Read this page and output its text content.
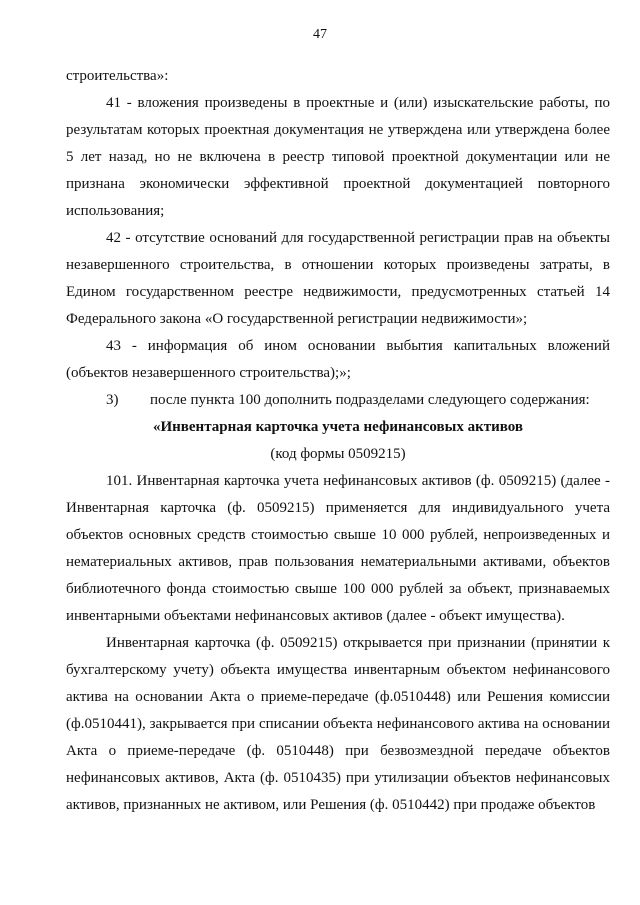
47

строительства»:

41 - вложения произведены в проектные и (или) изыскательские работы, по результатам которых проектная документация не утверждена или утверждена более 5 лет назад, но не включена в реестр типовой проектной документации или не признана экономически эффективной проектной документацией повторного использования;

42 - отсутствие оснований для государственной регистрации прав на объекты незавершенного строительства, в отношении которых произведены затраты, в Едином государственном реестре недвижимости, предусмотренных статьей 14 Федерального закона «О государственной регистрации недвижимости»;

43 - информация об ином основании выбытия капитальных вложений (объектов незавершенного строительства);»;

3)	после пункта 100 дополнить подразделами следующего содержания:

«Инвентарная карточка учета нефинансовых активов

(код формы 0509215)

101. Инвентарная карточка учета нефинансовых активов (ф. 0509215) (далее - Инвентарная карточка (ф. 0509215) применяется для индивидуального учета объектов основных средств стоимостью свыше 10 000 рублей, непроизведенных и нематериальных активов, прав пользования нематериальными активами, объектов библиотечного фонда стоимостью свыше 100 000 рублей за объект, признаваемых инвентарными объектами нефинансовых активов (далее - объект имущества).

Инвентарная карточка (ф. 0509215) открывается при признании (принятии к бухгалтерскому учету) объекта имущества инвентарным объектом нефинансового актива на основании Акта о приеме-передаче (ф.0510448) или Решения комиссии (ф.0510441), закрывается при списании объекта нефинансового актива на основании Акта о приеме-передаче (ф. 0510448) при безвозмездной передаче объектов нефинансовых активов, Акта (ф. 0510435) при утилизации объектов нефинансовых активов, признанных не активом, или Решения (ф. 0510442) при продаже объектов
